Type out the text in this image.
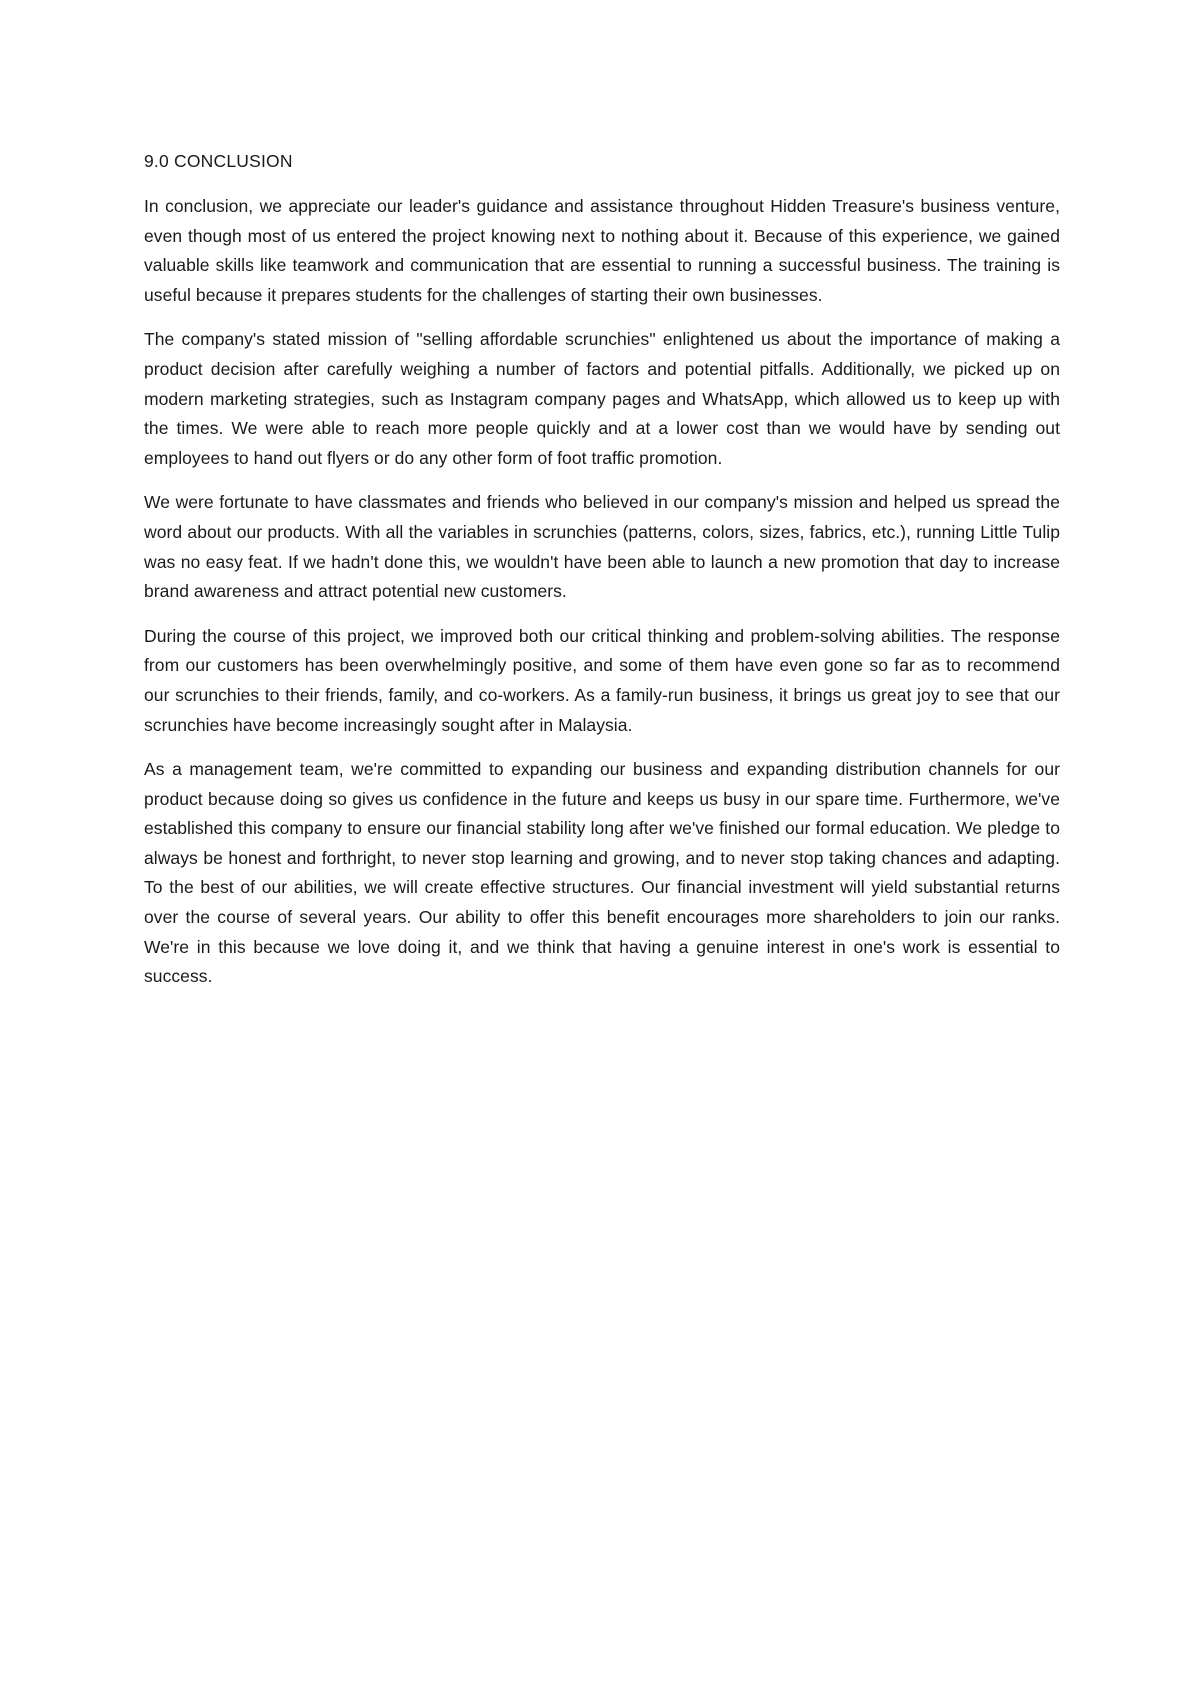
9.0 CONCLUSION

In conclusion, we appreciate our leader's guidance and assistance throughout Hidden Treasure's business venture, even though most of us entered the project knowing next to nothing about it. Because of this experience, we gained valuable skills like teamwork and communication that are essential to running a successful business. The training is useful because it prepares students for the challenges of starting their own businesses.

The company's stated mission of "selling affordable scrunchies" enlightened us about the importance of making a product decision after carefully weighing a number of factors and potential pitfalls. Additionally, we picked up on modern marketing strategies, such as Instagram company pages and WhatsApp, which allowed us to keep up with the times. We were able to reach more people quickly and at a lower cost than we would have by sending out employees to hand out flyers or do any other form of foot traffic promotion.

We were fortunate to have classmates and friends who believed in our company's mission and helped us spread the word about our products. With all the variables in scrunchies (patterns, colors, sizes, fabrics, etc.), running Little Tulip was no easy feat. If we hadn't done this, we wouldn't have been able to launch a new promotion that day to increase brand awareness and attract potential new customers.

During the course of this project, we improved both our critical thinking and problem-solving abilities. The response from our customers has been overwhelmingly positive, and some of them have even gone so far as to recommend our scrunchies to their friends, family, and co-workers. As a family-run business, it brings us great joy to see that our scrunchies have become increasingly sought after in Malaysia.

As a management team, we're committed to expanding our business and expanding distribution channels for our product because doing so gives us confidence in the future and keeps us busy in our spare time. Furthermore, we've established this company to ensure our financial stability long after we've finished our formal education. We pledge to always be honest and forthright, to never stop learning and growing, and to never stop taking chances and adapting. To the best of our abilities, we will create effective structures. Our financial investment will yield substantial returns over the course of several years. Our ability to offer this benefit encourages more shareholders to join our ranks. We're in this because we love doing it, and we think that having a genuine interest in one's work is essential to success.
